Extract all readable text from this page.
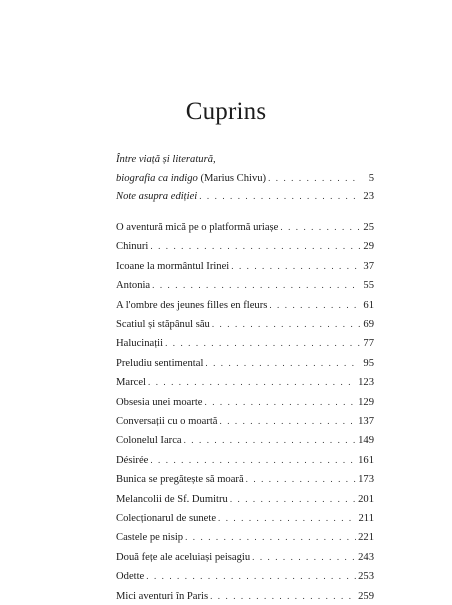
Cuprins
Între viață și literatură,
biografia ca indigo (Marius Chivu) . . .	5
Note asupra ediției . . .	23
O aventură mică pe o platformă uriașe . . .	25
Chinuri . . .	29
Icoane la mormântul Irinei . . .	37
Antonia . . .	55
A l'ombre des jeunes filles en fleurs . . .	61
Scatiul și stăpânul său . . .	69
Halucinații . . .	77
Preludiu sentimental . . .	95
Marcel . . .	123
Obsesia unei moarte . . .	129
Conversații cu o moartă . . .	137
Colonelul Iarca . . .	149
Désirée . . .	161
Bunica se pregătește să moară . . .	173
Melancolii de Sf. Dumitru . . .	201
Colecționarul de sunete . . .	211
Castele pe nisip . . .	221
Două fețe ale aceluiași peisagiu . . .	243
Odette . . .	253
Mici aventuri în Paris . . .	259
